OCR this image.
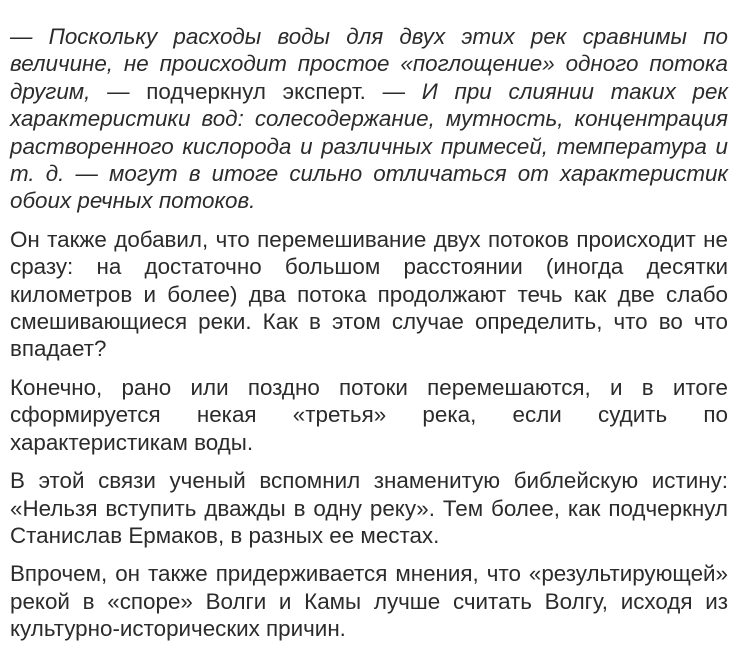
— Поскольку расходы воды для двух этих рек сравнимы по величине, не происходит простое «поглощение» одного потока другим, — подчеркнул эксперт. — И при слиянии таких рек характеристики вод: солесодержание, мутность, концентрация растворенного кислорода и различных примесей, температура и т. д. — могут в итоге сильно отличаться от характеристик обоих речных потоков.

Он также добавил, что перемешивание двух потоков происходит не сразу: на достаточно большом расстоянии (иногда десятки километров и более) два потока продолжают течь как две слабо смешивающиеся реки. Как в этом случае определить, что во что впадает?

Конечно, рано или поздно потоки перемешаются, и в итоге сформируется некая «третья» река, если судить по характеристикам воды.

В этой связи ученый вспомнил знаменитую библейскую истину: «Нельзя вступить дважды в одну реку». Тем более, как подчеркнул Станислав Ермаков, в разных ее местах.

Впрочем, он также придерживается мнения, что «результирующей» рекой в «споре» Волги и Камы лучше считать Волгу, исходя из культурно-исторических причин.
